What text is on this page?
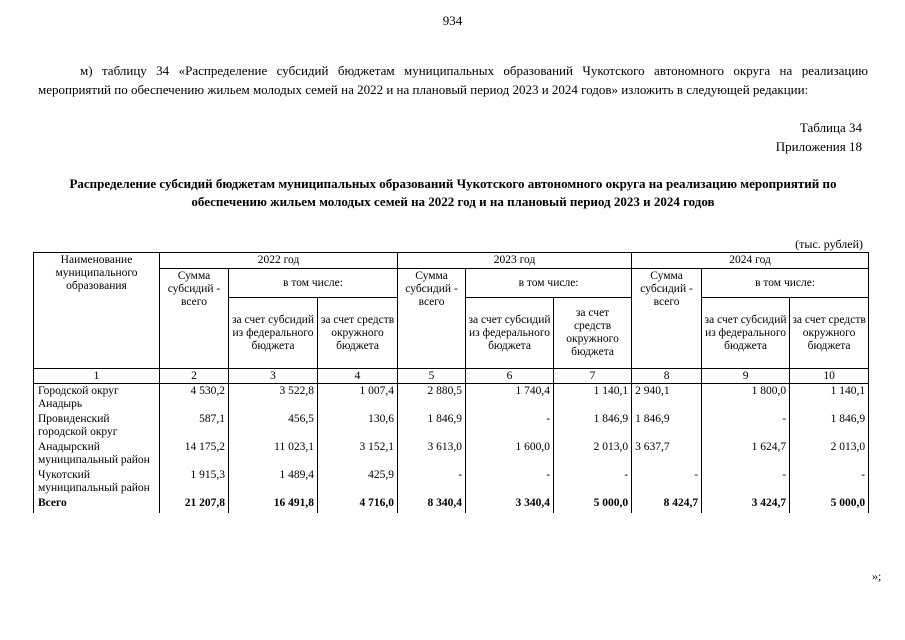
934

м) таблицу 34 «Распределение субсидий бюджетам муниципальных образований Чукотского автономного округа на реализацию мероприятий по обеспечению жильем молодых семей на 2022 и на плановый период 2023 и 2024 годов» изложить в следующей редакции:

Таблица 34
Приложения 18
Распределение субсидий бюджетам муниципальных образований Чукотского автономного округа на реализацию мероприятий по обеспечению жильем молодых семей на 2022 год и на плановый период 2023 и 2024 годов
(тыс. рублей)
Наименование муниципального образования	2022 год			2023 год			2024 год		
	Сумма субсидий - всего	в том числе:		Сумма субсидий - всего	в том числе:		Сумма субсидий - всего	в том числе:	
		за счет субсидий из федерального бюджета	за счет средств окружного бюджета		за счет субсидий из федерального бюджета	за счет средств окружного бюджета		за счет субсидий из федерального бюджета	за счет средств окружного бюджета
1	2	3	4	5	6	7	8	9	10
Городской округ Анадырь	4 530,2	3 522,8	1 007,4	2 880,5	1 740,4	1 140,1	2 940,1	1 800,0	1 140,1
Провиденский городской округ	587,1	456,5	130,6	1 846,9	-	1 846,9	1 846,9	-	1 846,9
Анадырский муниципальный район	14 175,2	11 023,1	3 152,1	3 613,0	1 600,0	2 013,0	3 637,7	1 624,7	2 013,0
Чукотский муниципальный район	1 915,3	1 489,4	425,9	-	-	-	-	-	-
Всего	21 207,8	16 491,8	4 716,0	8 340,4	3 340,4	5 000,0	8 424,7	3 424,7	5 000,0
»;
